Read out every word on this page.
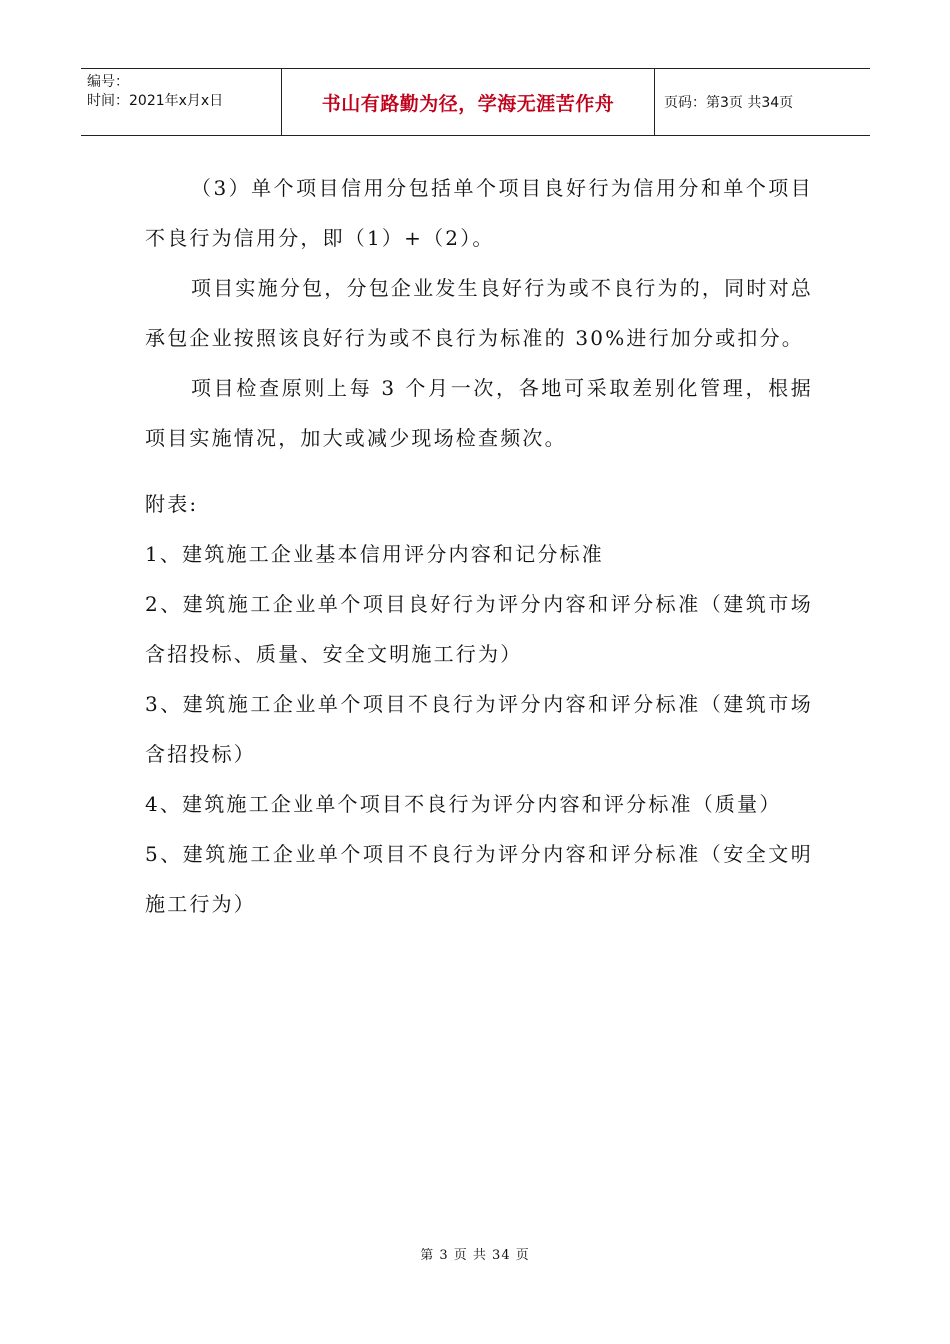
编号：
时间：2021年x月x日	书山有路勤为径，学海无涯苦作舟	页码：第3页 共34页

（3）单个项目信用分包括单个项目良好行为信用分和单个项目不良行为信用分，即（1）+（2）。

项目实施分包，分包企业发生良好行为或不良行为的，同时对总承包企业按照该良好行为或不良行为标准的 30%进行加分或扣分。

项目检查原则上每 3 个月一次，各地可采取差别化管理，根据项目实施情况，加大或减少现场检查频次。

附表:

1、建筑施工企业基本信用评分内容和记分标准

2、建筑施工企业单个项目良好行为评分内容和评分标准（建筑市场含招投标、质量、安全文明施工行为）

3、建筑施工企业单个项目不良行为评分内容和评分标准（建筑市场含招投标）

4、建筑施工企业单个项目不良行为评分内容和评分标准（质量）

5、建筑施工企业单个项目不良行为评分内容和评分标准（安全文明施工行为）

第 3 页 共 34 页
